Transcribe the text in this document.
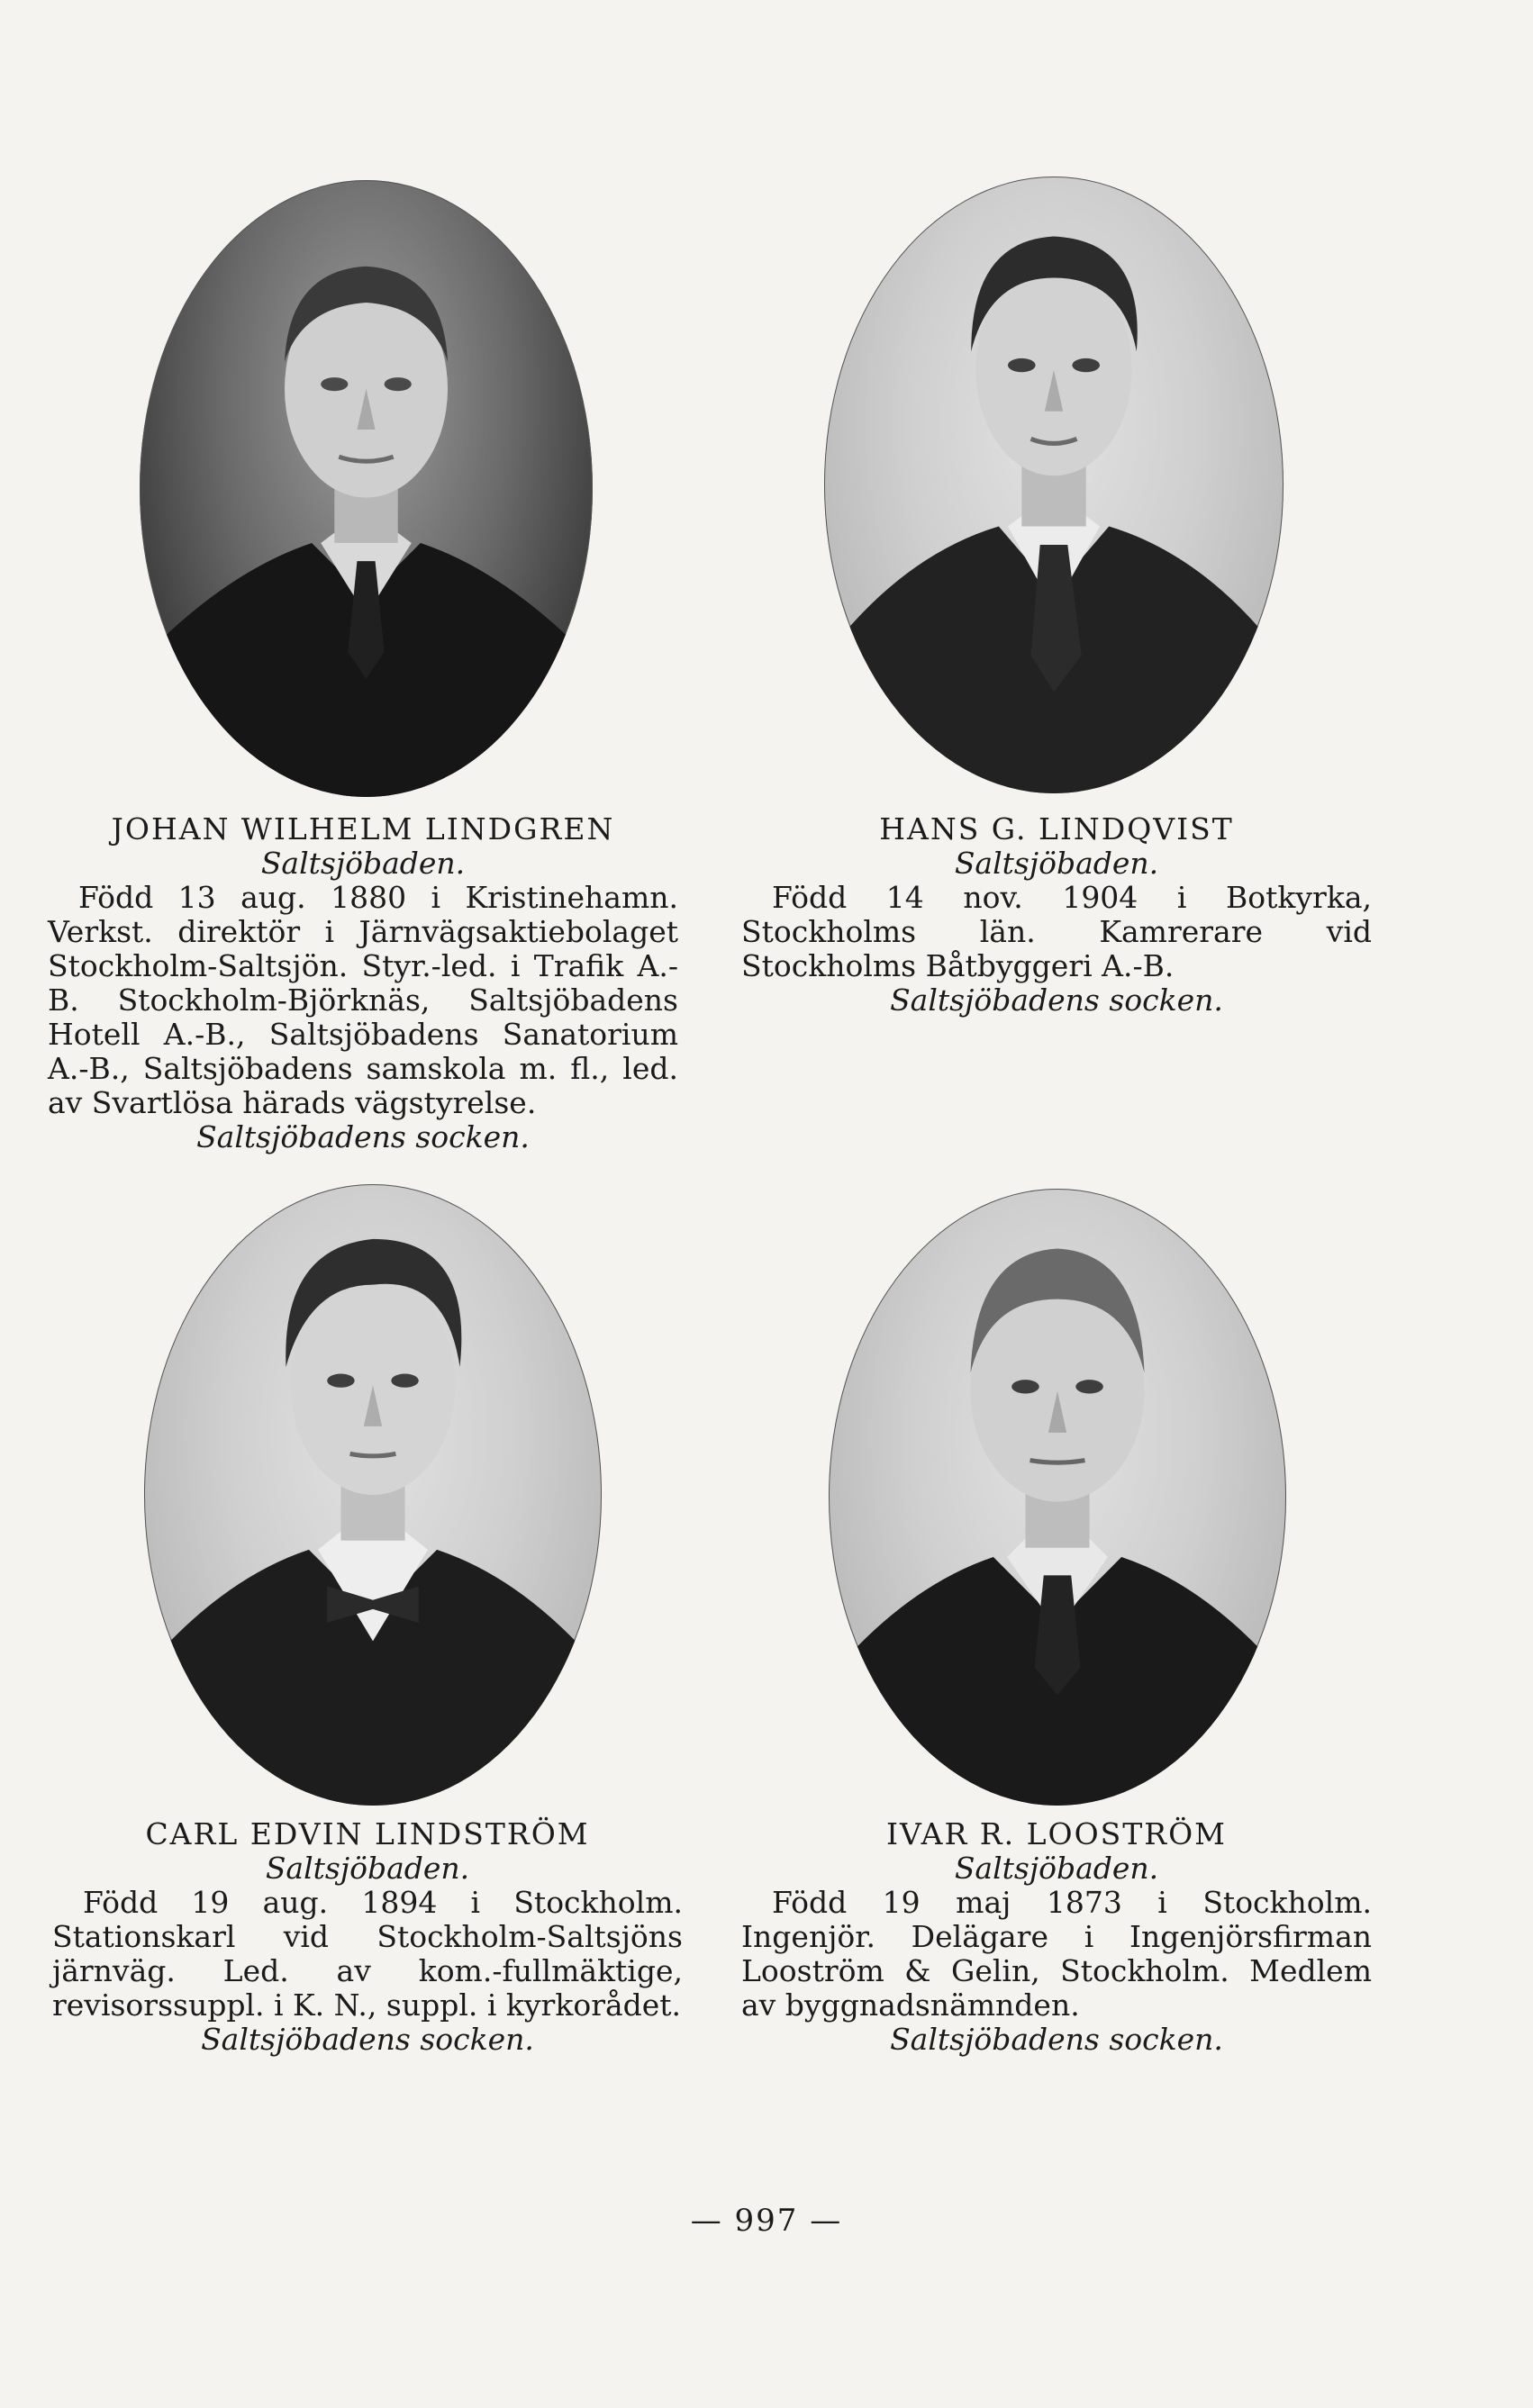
JOHAN WILHELM LINDGREN
Saltsjöbaden.
Född 13 aug. 1880 i Kristinehamn. Verkst. direktör i Järnvägsaktiebolaget Stockholm-Saltsjön. Styr.-led. i Trafik A.-B. Stockholm-Björknäs, Saltsjöbadens Hotell A.-B., Saltsjöbadens Sanatorium A.-B., Saltsjöbadens samskola m. fl., led. av Svartlösa härads vägstyrelse.
Saltsjöbadens socken.
HANS G. LINDQVIST
Saltsjöbaden.
Född 14 nov. 1904 i Botkyrka, Stockholms län. Kamrerare vid Stockholms Båtbyggeri A.-B.
Saltsjöbadens socken.
CARL EDVIN LINDSTRÖM
Saltsjöbaden.
Född 19 aug. 1894 i Stockholm. Stationskarl vid Stockholm-Saltsjöns järnväg. Led. av kom.-fullmäktige, revisorssuppl. i K. N., suppl. i kyrkorådet.
Saltsjöbadens socken.
IVAR R. LOOSTRÖM
Saltsjöbaden.
Född 19 maj 1873 i Stockholm. Ingenjör. Delägare i Ingenjörsfirman Looström & Gelin, Stockholm. Medlem av byggnadsnämnden.
Saltsjöbadens socken.
— 997 —
